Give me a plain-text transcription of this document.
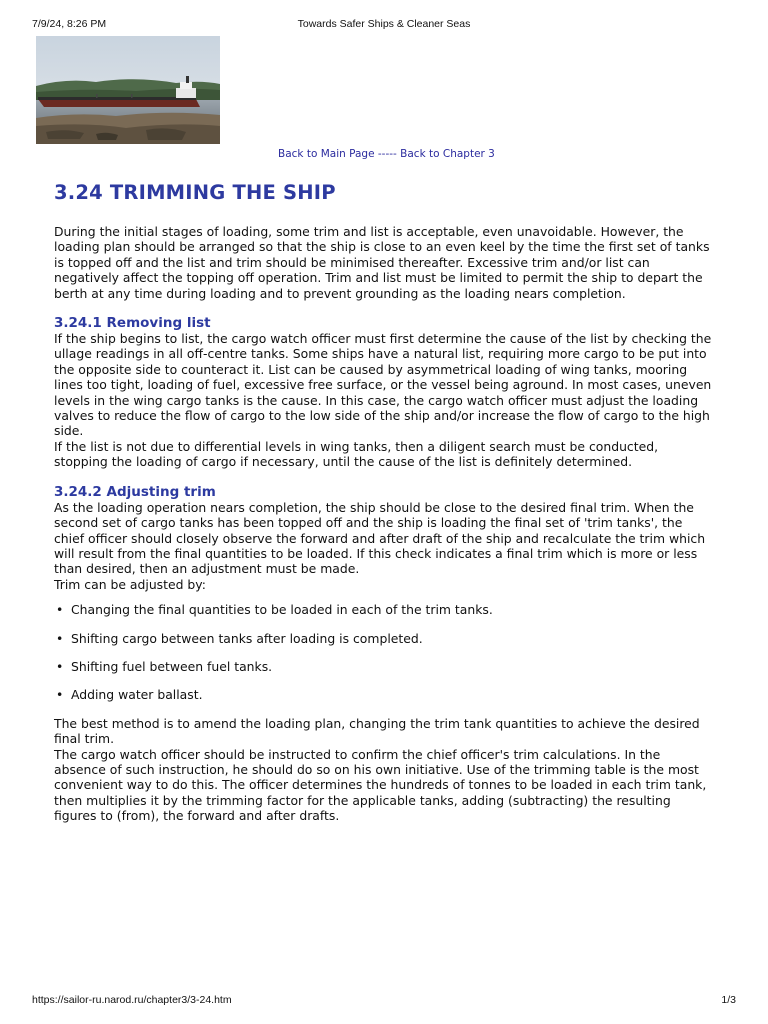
7/9/24, 8:26 PM	Towards Safer Ships & Cleaner Seas
Back to Main Page ----- Back to Chapter 3
3.24 TRIMMING THE SHIP

During the initial stages of loading, some trim and list is acceptable, even unavoidable. However, the loading plan should be arranged so that the ship is close to an even keel by the time the first set of tanks is topped off and the list and trim should be minimised thereafter. Excessive trim and/or list can negatively affect the topping off operation. Trim and list must be limited to permit the ship to depart the berth at any time during loading and to prevent grounding as the loading nears completion.

3.24.1 Removing list

If the ship begins to list, the cargo watch officer must first determine the cause of the list by checking the ullage readings in all off-centre tanks. Some ships have a natural list, requiring more cargo to be put into the opposite side to counteract it. List can be caused by asymmetrical loading of wing tanks, mooring lines too tight, loading of fuel, excessive free surface, or the vessel being aground. In most cases, uneven levels in the wing cargo tanks is the cause. In this case, the cargo watch officer must adjust the loading valves to reduce the flow of cargo to the low side of the ship and/or increase the flow of cargo to the high side.

If the list is not due to differential levels in wing tanks, then a diligent search must be conducted, stopping the loading of cargo if necessary, until the cause of the list is definitely determined.

3.24.2 Adjusting trim

As the loading operation nears completion, the ship should be close to the desired final trim. When the second set of cargo tanks has been topped off and the ship is loading the final set of 'trim tanks', the chief officer should closely observe the forward and after draft of the ship and recalculate the trim which will result from the final quantities to be loaded. If this check indicates a final trim which is more or less than desired, then an adjustment must be made.

Trim can be adjusted by:

• Changing the final quantities to be loaded in each of the trim tanks.
• Shifting cargo between tanks after loading is completed.
• Shifting fuel between fuel tanks.
• Adding water ballast.

The best method is to amend the loading plan, changing the trim tank quantities to achieve the desired final trim.

The cargo watch officer should be instructed to confirm the chief officer's trim calculations. In the absence of such instruction, he should do so on his own initiative. Use of the trimming table is the most convenient way to do this. The officer determines the hundreds of tonnes to be loaded in each trim tank, then multiplies it by the trimming factor for the applicable tanks, adding (subtracting) the resulting figures to (from), the forward and after drafts.

https://sailor-ru.narod.ru/chapter3/3-24.htm	1/3
